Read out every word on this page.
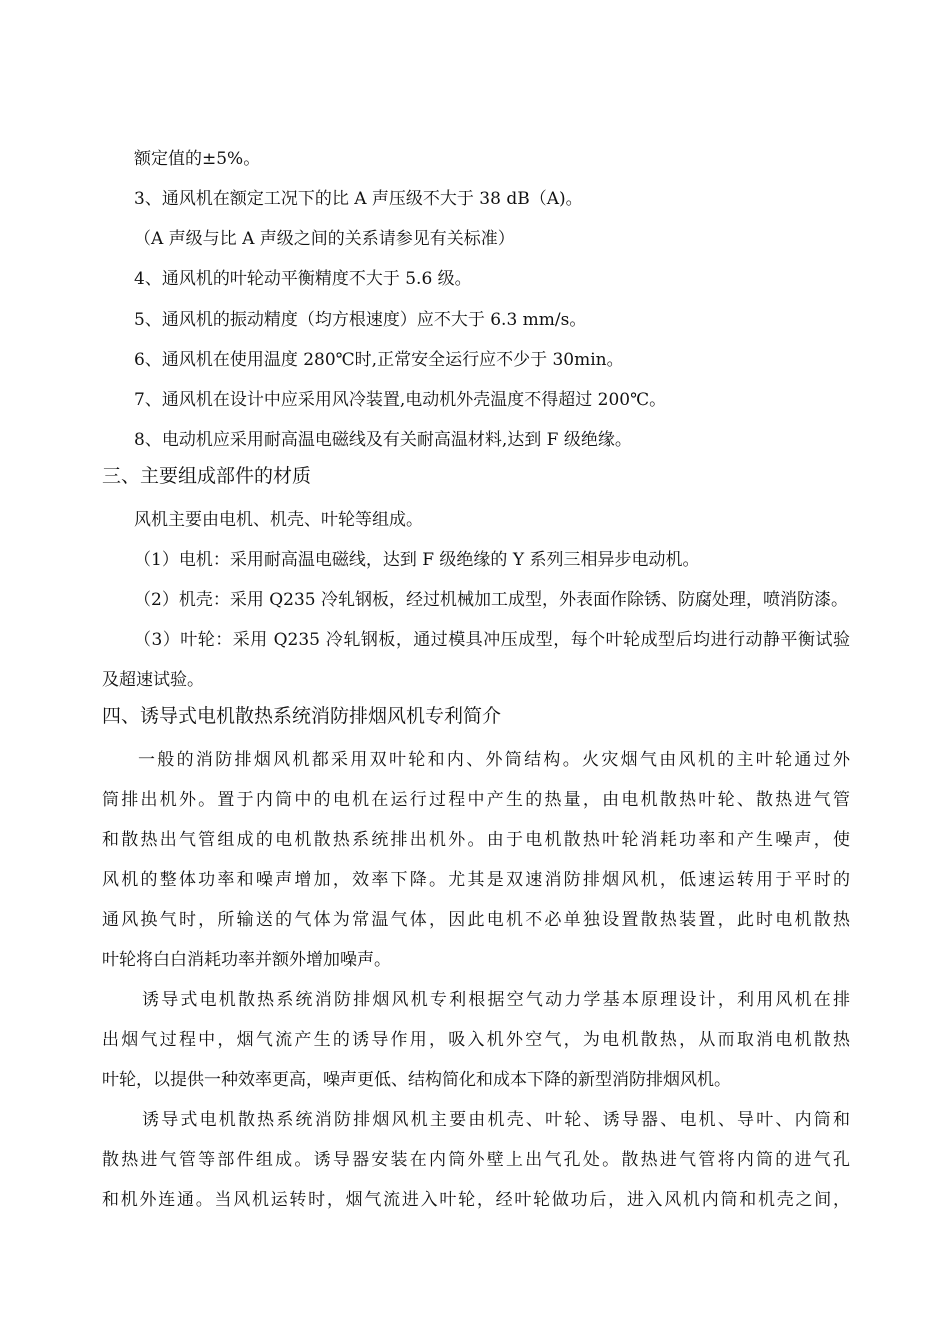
额定值的±5%。
3、通风机在额定工况下的比 A 声压级不大于 38 dB（A)。
（A 声级与比 A 声级之间的关系请参见有关标准）
4、通风机的叶轮动平衡精度不大于 5.6 级。
5、通风机的振动精度（均方根速度）应不大于 6.3 mm/s。
6、通风机在使用温度 280℃时,正常安全运行应不少于 30min。
7、通风机在设计中应采用风冷装置,电动机外壳温度不得超过 200℃。
8、电动机应采用耐高温电磁线及有关耐高温材料,达到 F 级绝缘。
三、主要组成部件的材质
风机主要由电机、机壳、叶轮等组成。
（1）电机：采用耐高温电磁线，达到 F 级绝缘的 Y 系列三相异步电动机。
（2）机壳：采用 Q235 冷轧钢板，经过机械加工成型，外表面作除锈、防腐处理，喷消防漆。
（3）叶轮：采用 Q235 冷轧钢板，通过模具冲压成型，每个叶轮成型后均进行动静平衡试验
及超速试验。
四、诱导式电机散热系统消防排烟风机专利简介
一般的消防排烟风机都采用双叶轮和内、外筒结构。火灾烟气由风机的主叶轮通过外
筒排出机外。置于内筒中的电机在运行过程中产生的热量，由电机散热叶轮、散热进气管
和散热出气管组成的电机散热系统排出机外。由于电机散热叶轮消耗功率和产生噪声，使
风机的整体功率和噪声增加，效率下降。尤其是双速消防排烟风机，低速运转用于平时的
通风换气时，所输送的气体为常温气体，因此电机不必单独设置散热装置，此时电机散热
叶轮将白白消耗功率并额外增加噪声。
诱导式电机散热系统消防排烟风机专利根据空气动力学基本原理设计，利用风机在排
出烟气过程中，烟气流产生的诱导作用，吸入机外空气，为电机散热，从而取消电机散热
叶轮，以提供一种效率更高，噪声更低、结构简化和成本下降的新型消防排烟风机。
诱导式电机散热系统消防排烟风机主要由机壳、叶轮、诱导器、电机、导叶、内筒和
散热进气管等部件组成。诱导器安装在内筒外壁上出气孔处。散热进气管将内筒的进气孔
和机外连通。当风机运转时，烟气流进入叶轮，经叶轮做功后，进入风机内筒和机壳之间，
